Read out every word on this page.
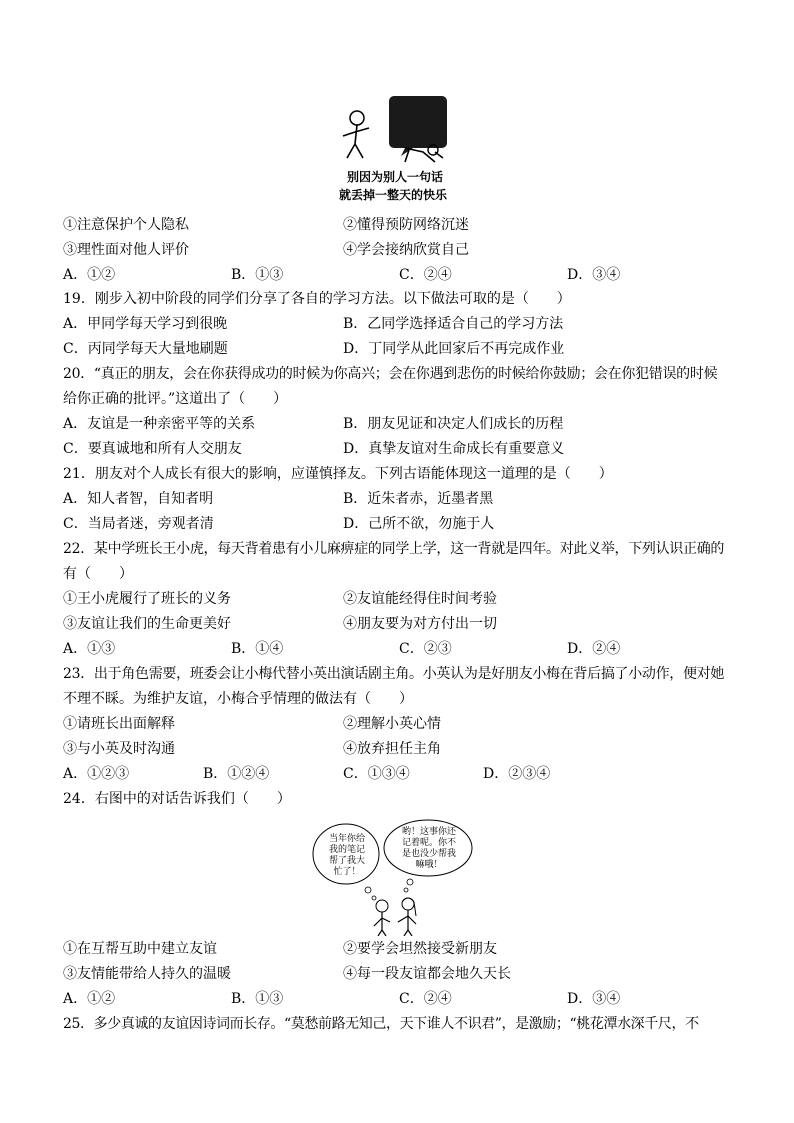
别因为别人一句话
就丢掉一整天的快乐
①注意保护个人隐私	②懂得预防网络沉迷
③理性面对他人评价	④学会接纳欣赏自己
A．①②	B．①③	C．②④	D．③④
19．刚步入初中阶段的同学们分享了各自的学习方法。以下做法可取的是（　　）
A．甲同学每天学习到很晚	B．乙同学选择适合自己的学习方法
C．丙同学每天大量地刷题	D．丁同学从此回家后不再完成作业
20．“真正的朋友，会在你获得成功的时候为你高兴；会在你遇到悲伤的时候给你鼓励；会在你犯错误的时候
给你正确的批评。”这道出了（　　）
A．友谊是一种亲密平等的关系	B．朋友见证和决定人们成长的历程
C．要真诚地和所有人交朋友	D．真挚友谊对生命成长有重要意义
21．朋友对个人成长有很大的影响，应谨慎择友。下列古语能体现这一道理的是（　　）
A．知人者智，自知者明	B．近朱者赤，近墨者黑
C．当局者迷，旁观者清	D．己所不欲，勿施于人
22．某中学班长王小虎，每天背着患有小儿麻痹症的同学上学，这一背就是四年。对此义举，下列认识正确的
有（　　）
①王小虎履行了班长的义务	②友谊能经得住时间考验
③友谊让我们的生命更美好	④朋友要为对方付出一切
A．①③	B．①④	C．②③	D．②④
23．出于角色需要，班委会让小梅代替小英出演话剧主角。小英认为是好朋友小梅在背后搞了小动作，便对她
不理不睬。为维护友谊，小梅合乎情理的做法有（　　）
①请班长出面解释	②理解小英心情
③与小英及时沟通	④放弃担任主角
A．①②③	B．①②④	C．①③④	D．②③④
24．右图中的对话告诉我们（　　）
当年你给
我的笔记
帮了我大
忙了！
哟！这事你还
记着呢。你不
是也没少帮我
嘛哦！
①在互帮互助中建立友谊	②要学会坦然接受新朋友
③友情能带给人持久的温暖	④每一段友谊都会地久天长
A．①②	B．①③	C．②④	D．③④
25．多少真诚的友谊因诗词而长存。“莫愁前路无知己，天下谁人不识君”，是激励；“桃花潭水深千尺，不
